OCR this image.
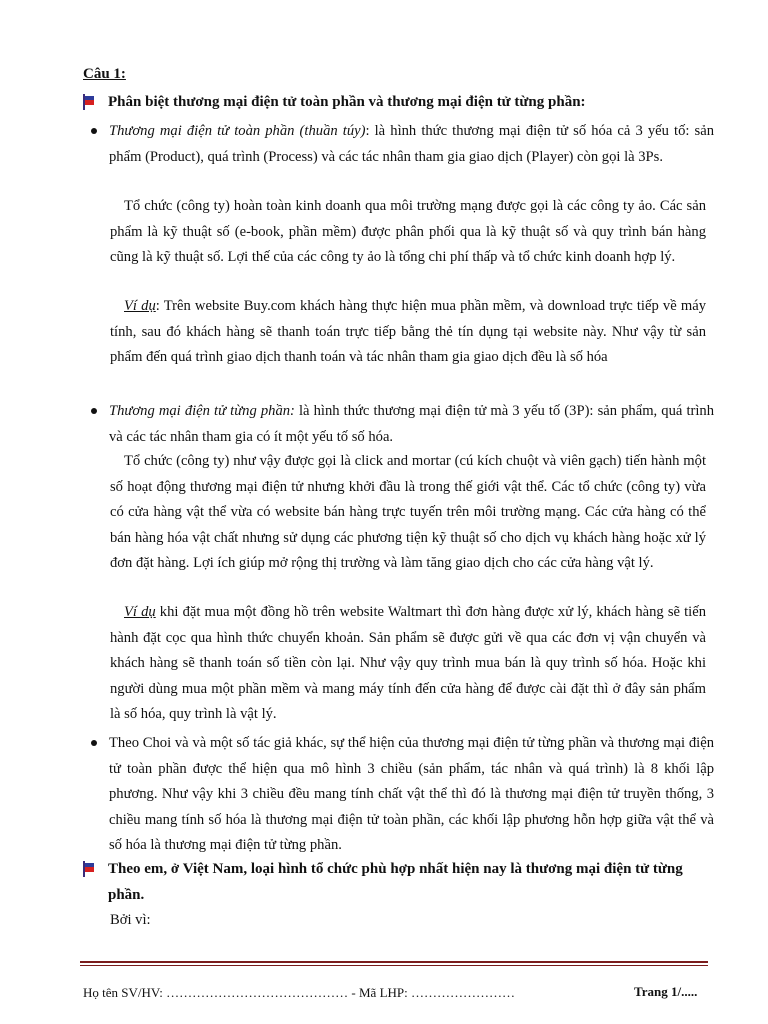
Câu 1:
Phân biệt thương mại điện tử toàn phần và thương mại điện tử từng phần:
Thương mại điện tử toàn phần (thuần túy): là hình thức thương mại điện tử số hóa cả 3 yếu tố: sản phẩm (Product), quá trình (Process) và các tác nhân tham gia giao dịch (Player) còn gọi là 3Ps.
Tổ chức (công ty) hoàn toàn kinh doanh qua môi trường mạng được gọi là các công ty ảo. Các sản phẩm là kỹ thuật số (e-book, phần mềm) được phân phối qua là kỹ thuật số và quy trình bán hàng cũng là kỹ thuật số. Lợi thế của các công ty ảo là tổng chi phí thấp và tổ chức kinh doanh hợp lý.
Ví dụ: Trên website Buy.com khách hàng thực hiện mua phần mềm, và download trực tiếp về máy tính, sau đó khách hàng sẽ thanh toán trực tiếp bằng thẻ tín dụng tại website này. Như vậy từ sản phẩm đến quá trình giao dịch thanh toán và tác nhân tham gia giao dịch đều là số hóa
Thương mại điện tử từng phần: là hình thức thương mại điện tử mà 3 yếu tố (3P): sản phẩm, quá trình và các tác nhân tham gia có ít một yếu tố số hóa.
Tổ chức (công ty) như vậy được gọi là click and mortar (cú kích chuột và viên gạch) tiến hành một số hoạt động thương mại điện tử nhưng khởi đầu là trong thế giới vật thể. Các tổ chức (công ty) vừa có cửa hàng vật thể vừa có website bán hàng trực tuyến trên môi trường mạng. Các cửa hàng có thể bán hàng hóa vật chất nhưng sử dụng các phương tiện kỹ thuật số cho dịch vụ khách hàng hoặc xử lý đơn đặt hàng. Lợi ích giúp mở rộng thị trường và làm tăng giao dịch cho các cửa hàng vật lý.
Ví dụ khi đặt mua một đồng hồ trên website Waltmart thì đơn hàng được xử lý, khách hàng sẽ tiến hành đặt cọc qua hình thức chuyển khoản. Sản phẩm sẽ được gửi về qua các đơn vị vận chuyển và khách hàng sẽ thanh toán số tiền còn lại. Như vậy quy trình mua bán là quy trình số hóa. Hoặc khi người dùng mua một phần mềm và mang máy tính đến cửa hàng để được cài đặt thì ở đây sản phẩm là số hóa, quy trình là vật lý.
Theo Choi và và một số tác giả khác, sự thể hiện của thương mại điện tử từng phần và thương mại điện tử toàn phần được thể hiện qua mô hình 3 chiều (sản phẩm, tác nhân và quá trình) là 8 khối lập phương. Như vậy khi 3 chiều đều mang tính chất vật thể thì đó là thương mại điện tử truyền thống, 3 chiều mang tính số hóa là thương mại điện tử toàn phần, các khối lập phương hỗn hợp giữa vật thể và số hóa là thương mại điện tử từng phần.
Theo em, ở Việt Nam, loại hình tổ chức phù hợp nhất hiện nay là thương mại điện tử từng phần.
Bởi vì:
Họ tên SV/HV: …………………………………… - Mã LHP: ……………………	Trang 1/.....
